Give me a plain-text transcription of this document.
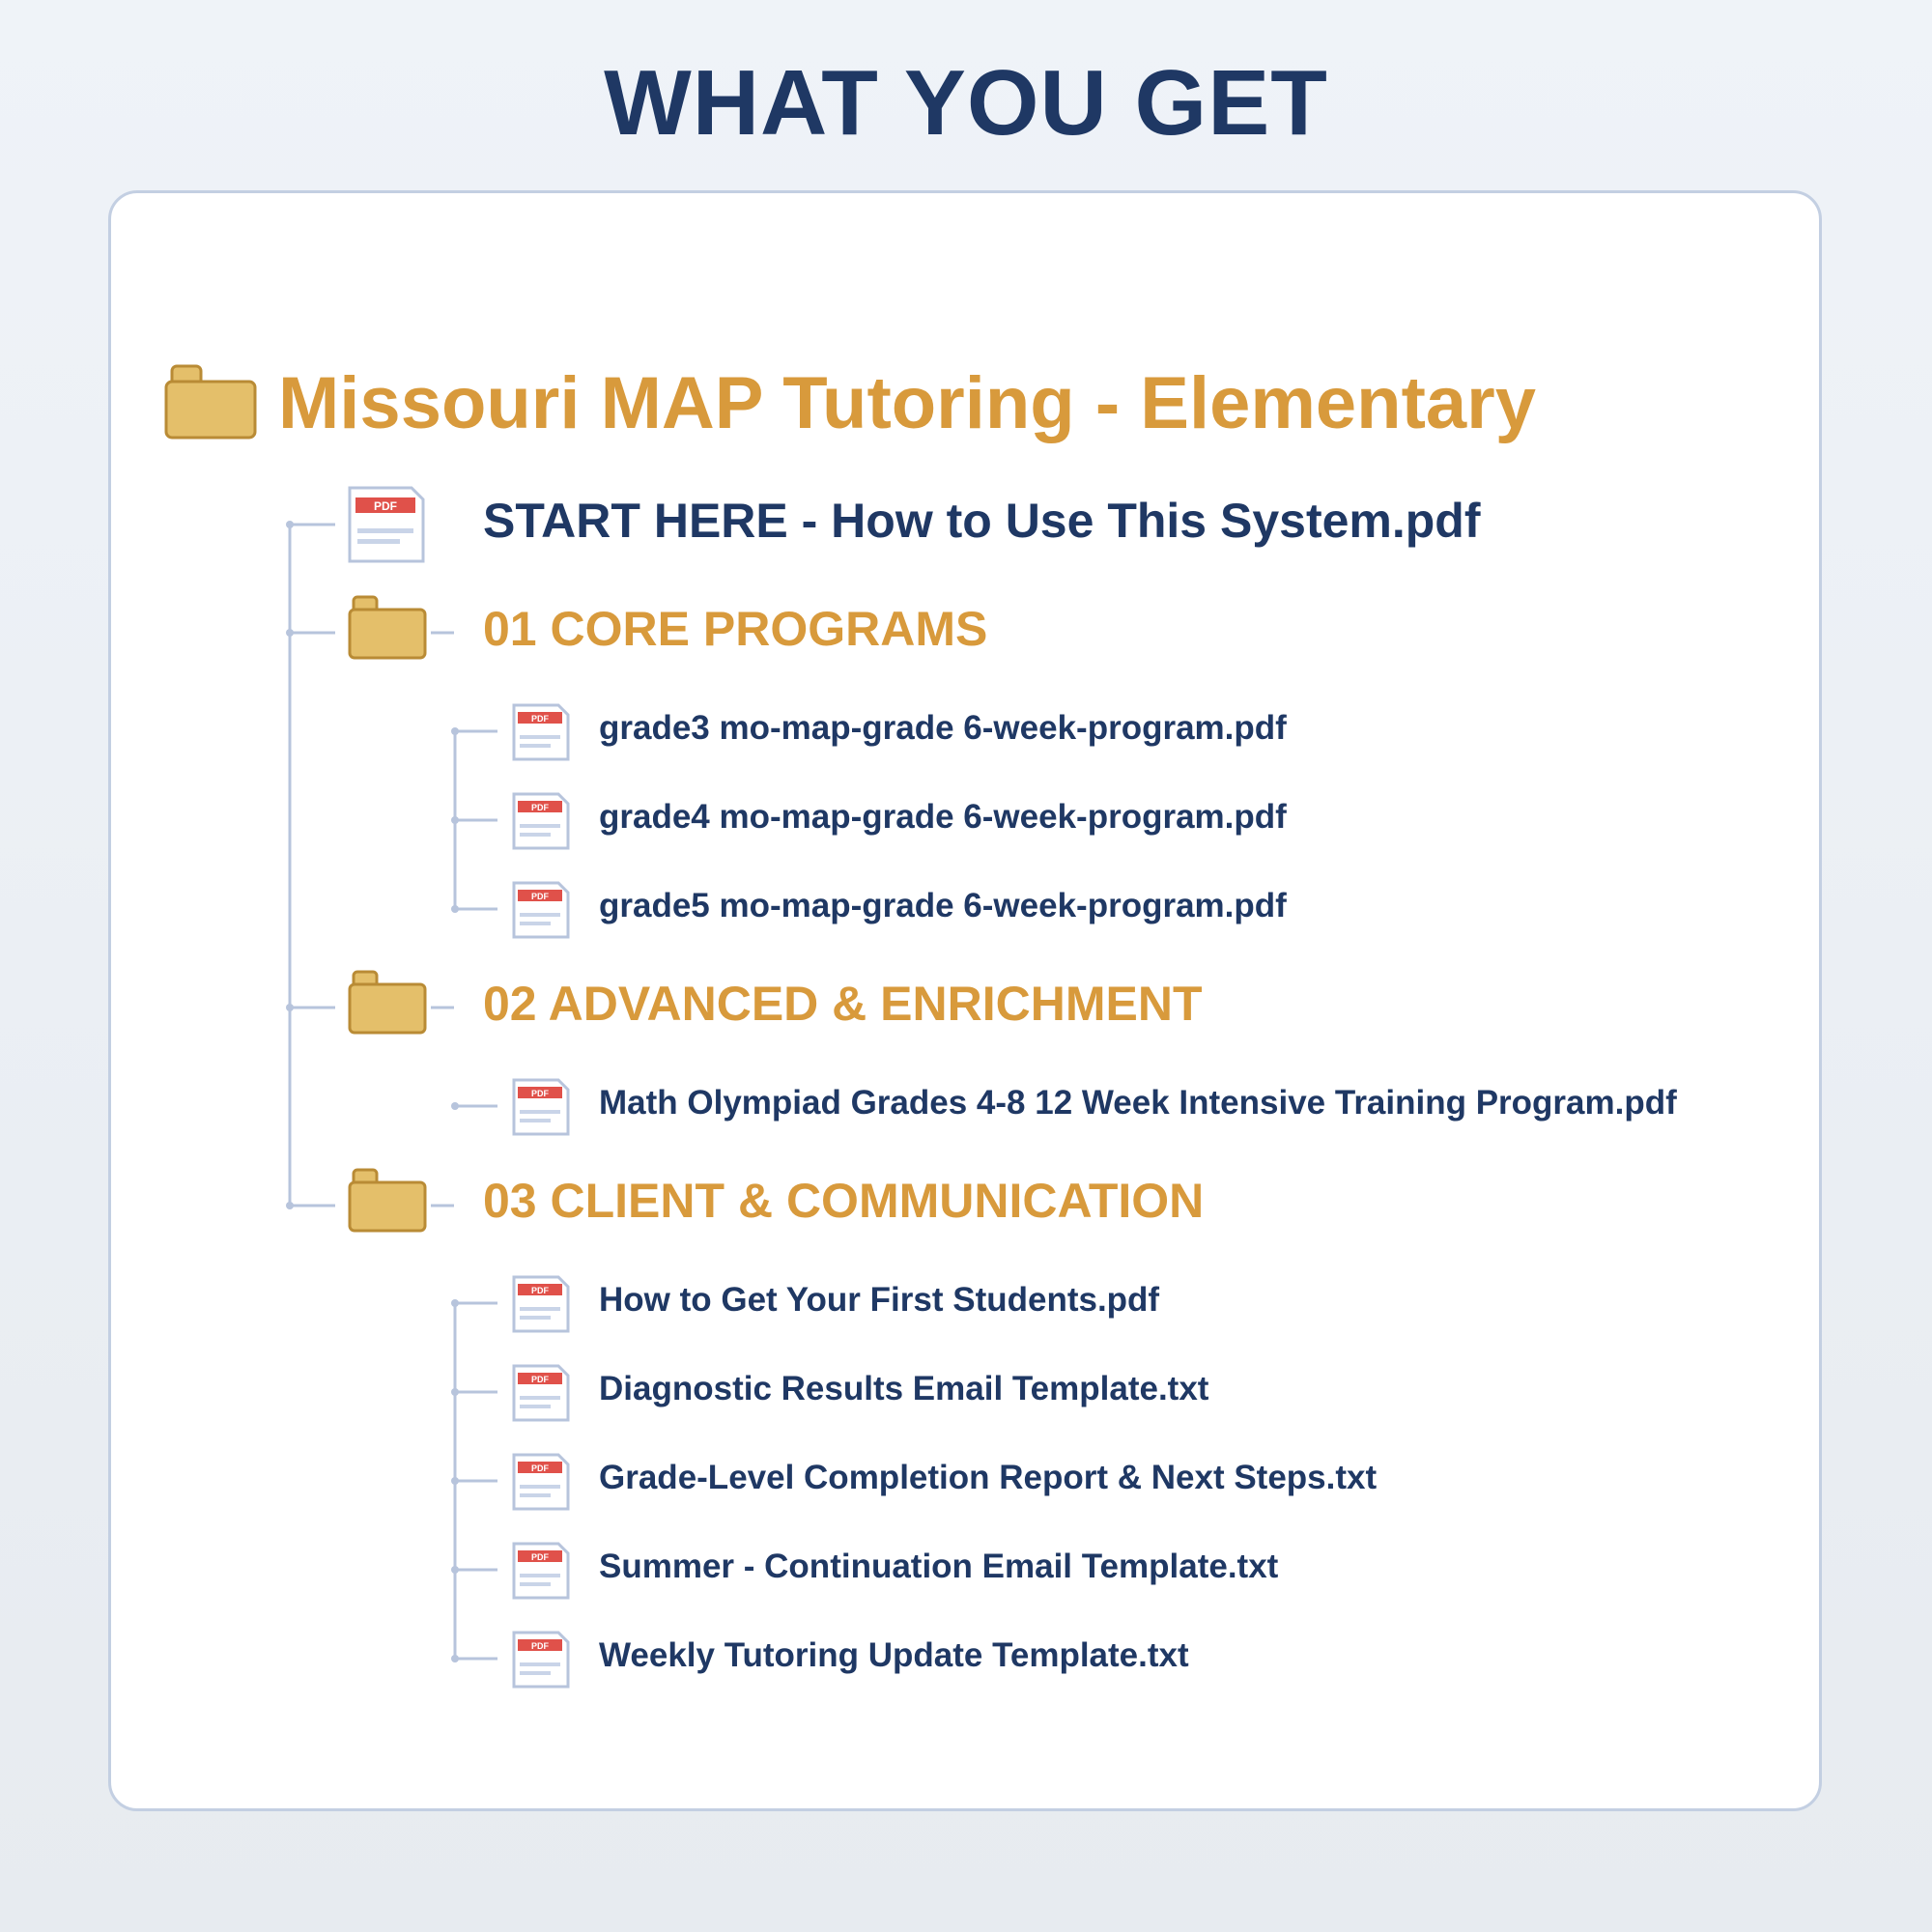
WHAT YOU GET
Missouri MAP Tutoring - Elementary
PDF START HERE - How to Use This System.pdf
01 CORE PROGRAMS
PDF grade3 mo-map-grade 6-week-program.pdf
PDF grade4 mo-map-grade 6-week-program.pdf
PDF grade5 mo-map-grade 6-week-program.pdf
02 ADVANCED & ENRICHMENT
PDF Math Olympiad Grades 4-8 12 Week Intensive Training Program.pdf
03 CLIENT & COMMUNICATION
PDF How to Get Your First Students.pdf
PDF Diagnostic Results Email Template.txt
PDF Grade-Level Completion Report & Next Steps.txt
PDF Summer - Continuation Email Template.txt
PDF Weekly Tutoring Update Template.txt
